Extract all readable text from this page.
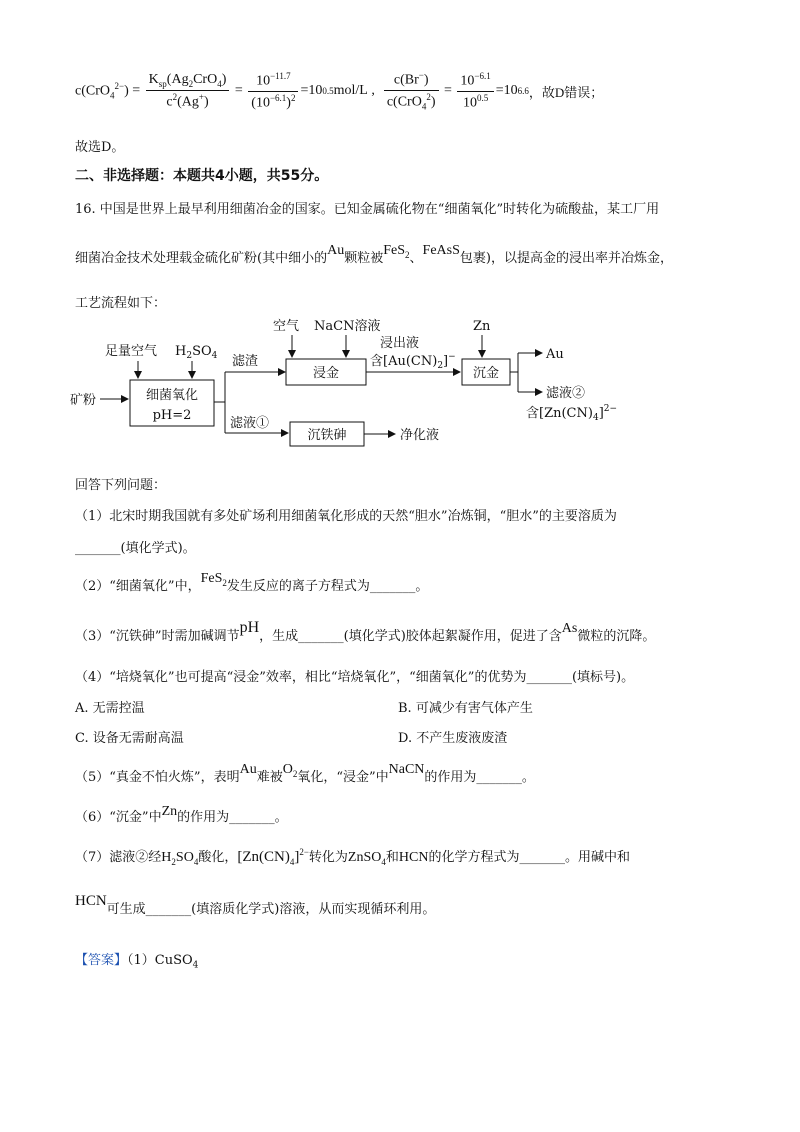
$c(CrO_4^{2-}) = \frac{K_{sp}(Ag_2CrO_4)}{c^2(Ag^+)} = \frac{10^{-11.7}}{(10^{-6.1})^2} =10$ 0.5 mol/L , $\frac{c(Br^-)}{c(CrO_4^2)} = \frac{10^{-6.1}}{10^{0.5}} =10$ 6.6 ，故D错误；
故选D。
二、非选择题：本题共4小题，共55分。
16. 中国是世界上最早利用细菌冶金的国家。已知金属硫化物在“细菌氧化”时转化为硫酸盐，某工厂用
细菌冶金技术处理载金硫化矿粉(其中细小的Au颗粒被FeS$_2$、FeAsS包裹)，以提高金的浸出率并冶炼金，
工艺流程如下：
矿粉
足量空气 $H_2SO_4$
细菌氧化
pH=2
滤渣
滤液①
空气 NaCN溶液
浸金
浸出液
含$[Au(CN)_2]^-$
Zn
沉金
Au
滤液②
含$[Zn(CN)_4]^{2-}$
沉铁砷	净化液
回答下列问题：
（1）北宋时期我国就有多处矿场利用细菌氧化形成的天然“胆水”冶炼铜，“胆水”的主要溶质为
_______(填化学式)。
（2）“细菌氧化”中，FeS$_2$发生反应的离子方程式为_______。
（3）“沉铁砷”时需加碱调节pH，生成_______(填化学式)胶体起絮凝作用，促进了含As微粒的沉降。
（4）“培烧氧化”也可提高“浸金”效率，相比“培烧氧化”，“细菌氧化”的优势为_______(填标号)。
A. 无需控温	B. 可减少有害气体产生
C. 设备无需耐高温	D. 不产生废液废渣
（5）“真金不怕火炼”，表明Au难被$O_2$氧化，“浸金”中NaCN的作用为_______。
（6）“沉金”中Zn的作用为_______。
（7）滤液②经$H_2SO_4$酸化，$[Zn(CN)_4]^{2-}$转化为ZnSO$_4$和HCN的化学方程式为_______。用碱中和
HCN可生成_______(填溶质化学式)溶液，从而实现循环利用。
【答案】（1）CuSO$_4$
